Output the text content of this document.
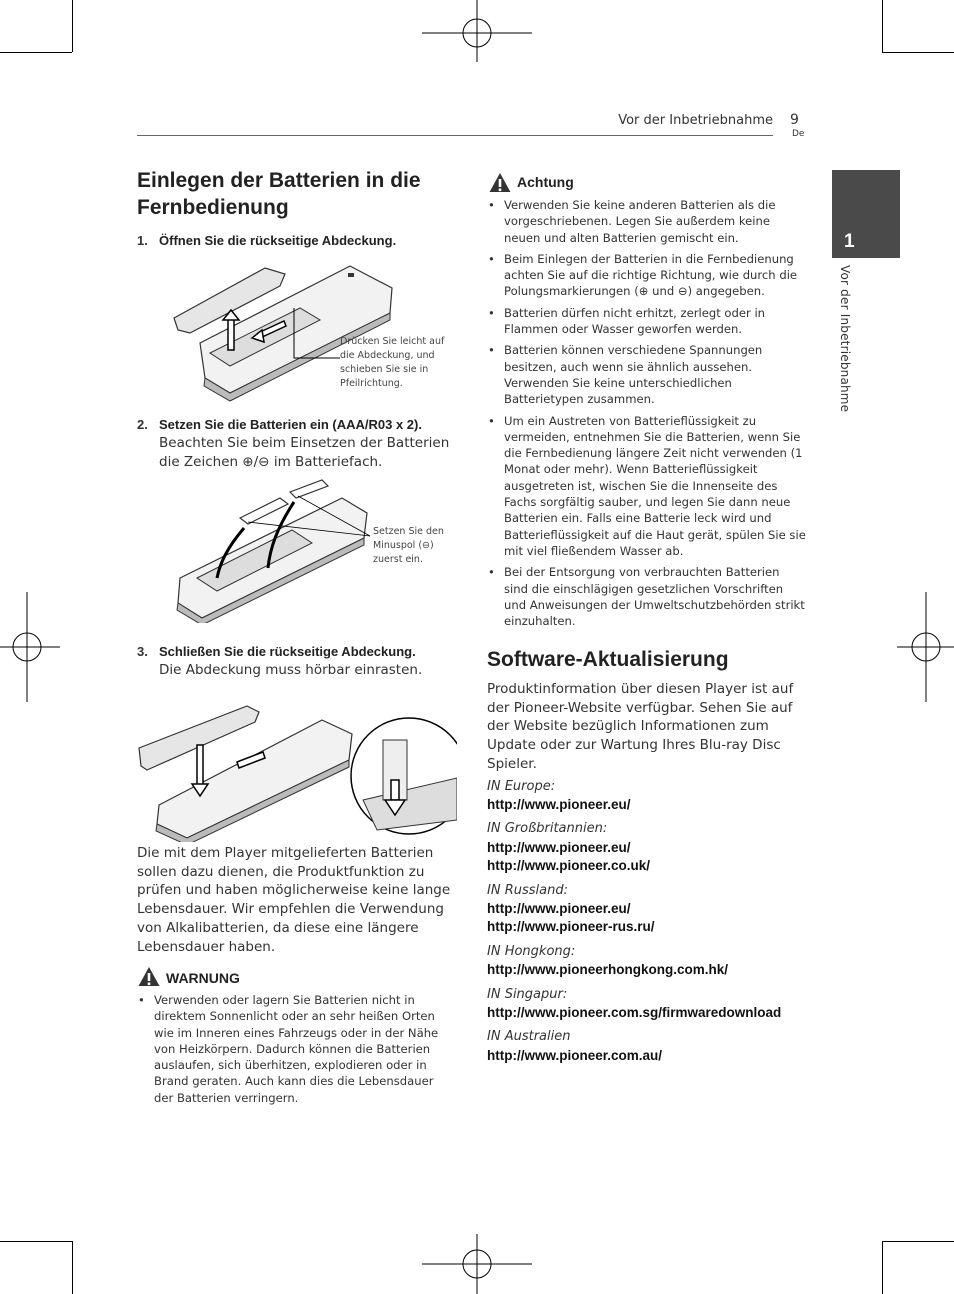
Vor der Inbetriebnahme 9
De
1
Vor der Inbetriebnahme
Einlegen der Batterien in die Fernbedienung
1. Öffnen Sie die rückseitige Abdeckung.
Drücken Sie leicht auf die Abdeckung, und schieben Sie sie in Pfeilrichtung.
2. Setzen Sie die Batterien ein (AAA/R03 x 2).
Beachten Sie beim Einsetzen der Batterien die Zeichen ⊕/⊖ im Batteriefach.
Setzen Sie den Minuspol (⊖) zuerst ein.
3. Schließen Sie die rückseitige Abdeckung.
Die Abdeckung muss hörbar einrasten.
Die mit dem Player mitgelieferten Batterien sollen dazu dienen, die Produktfunktion zu prüfen und haben möglicherweise keine lange Lebensdauer. Wir empfehlen die Verwendung von Alkalibatterien, da diese eine längere Lebensdauer haben.
WARNUNG
• Verwenden oder lagern Sie Batterien nicht in direktem Sonnenlicht oder an sehr heißen Orten wie im Inneren eines Fahrzeugs oder in der Nähe von Heizkörpern. Dadurch können die Batterien auslaufen, sich überhitzen, explodieren oder in Brand geraten. Auch kann dies die Lebensdauer der Batterien verringern.
Achtung
• Verwenden Sie keine anderen Batterien als die vorgeschriebenen. Legen Sie außerdem keine neuen und alten Batterien gemischt ein.
• Beim Einlegen der Batterien in die Fernbedienung achten Sie auf die richtige Richtung, wie durch die Polungsmarkierungen (⊕ und ⊖) angegeben.
• Batterien dürfen nicht erhitzt, zerlegt oder in Flammen oder Wasser geworfen werden.
• Batterien können verschiedene Spannungen besitzen, auch wenn sie ähnlich aussehen. Verwenden Sie keine unterschiedlichen Batterietypen zusammen.
• Um ein Austreten von Batterieflüssigkeit zu vermeiden, entnehmen Sie die Batterien, wenn Sie die Fernbedienung längere Zeit nicht verwenden (1 Monat oder mehr). Wenn Batterieflüssigkeit ausgetreten ist, wischen Sie die Innenseite des Fachs sorgfältig sauber, und legen Sie dann neue Batterien ein. Falls eine Batterie leck wird und Batterieflüssigkeit auf die Haut gerät, spülen Sie sie mit viel fließendem Wasser ab.
• Bei der Entsorgung von verbrauchten Batterien sind die einschlägigen gesetzlichen Vorschriften und Anweisungen der Umweltschutzbehörden strikt einzuhalten.
Software-Aktualisierung
Produktinformation über diesen Player ist auf der Pioneer-Website verfügbar. Sehen Sie auf der Website bezüglich Informationen zum Update oder zur Wartung Ihres Blu-ray Disc Spieler.
IN Europe:
http://www.pioneer.eu/
IN Großbritannien:
http://www.pioneer.eu/
http://www.pioneer.co.uk/
IN Russland:
http://www.pioneer.eu/
http://www.pioneer-rus.ru/
IN Hongkong:
http://www.pioneerhongkong.com.hk/
IN Singapur:
http://www.pioneer.com.sg/firmwaredownload
IN Australien
http://www.pioneer.com.au/
